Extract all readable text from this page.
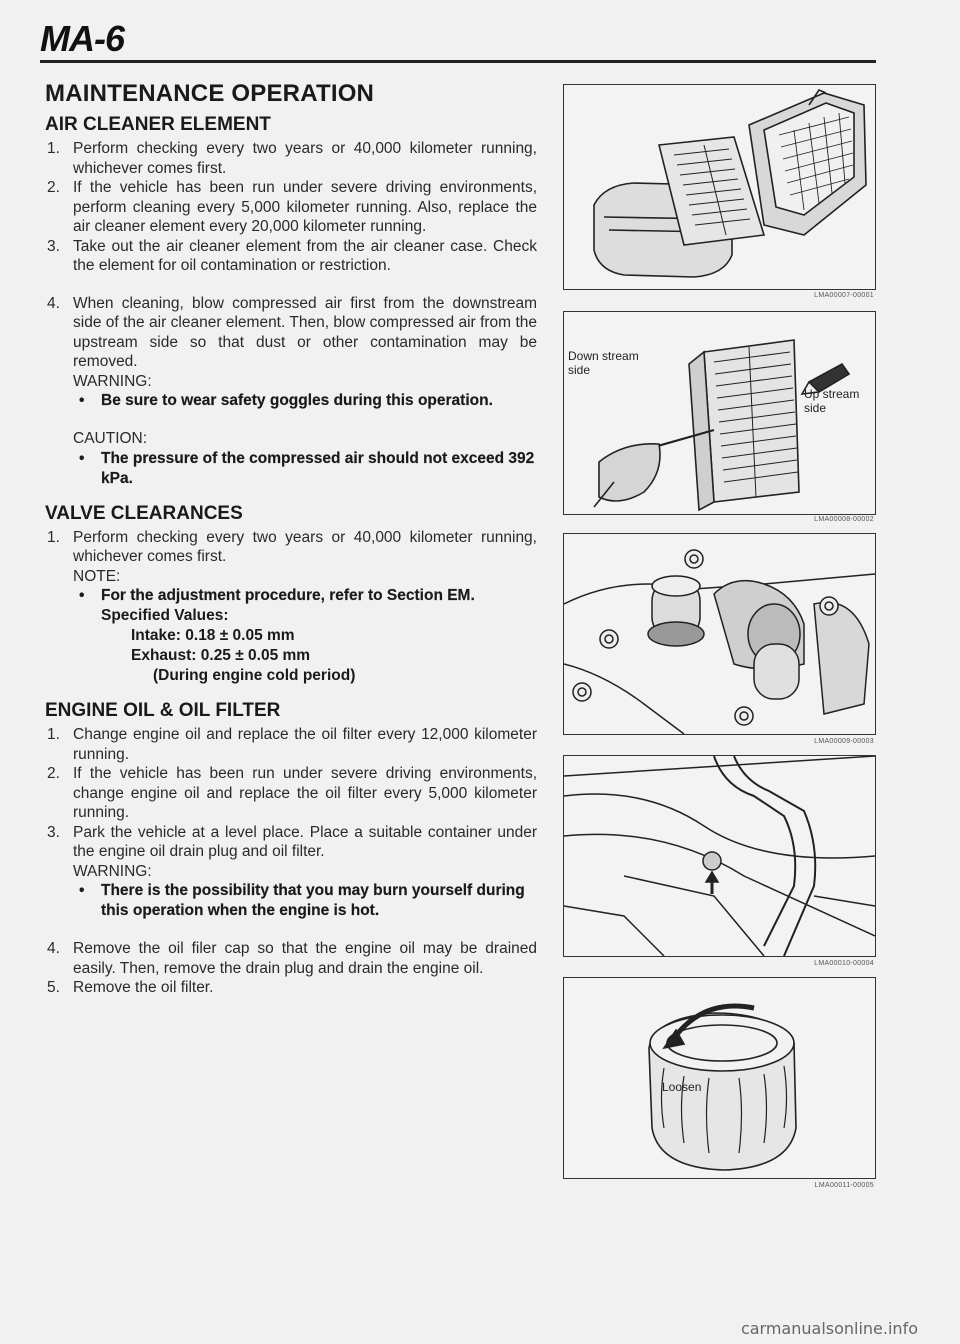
MA-6
MAINTENANCE OPERATION
AIR CLEANER ELEMENT
1. Perform checking every two years or 40,000 kilometer running, whichever comes first.
2. If the vehicle has been run under severe driving environments, perform cleaning every 5,000 kilometer running. Also, replace the air cleaner element every 20,000 kilometer running.
3. Take out the air cleaner element from the air cleaner case. Check the element for oil contamination or restriction.
4. When cleaning, blow compressed air first from the downstream side of the air cleaner element. Then, blow compressed air from the upstream side so that dust or other contamination may be removed.
WARNING:
• Be sure to wear safety goggles during this operation.
CAUTION:
• The pressure of the compressed air should not exceed 392 kPa.
VALVE CLEARANCES
1. Perform checking every two years or 40,000 kilometer running, whichever comes first.
NOTE:
• For the adjustment procedure, refer to Section EM.
Specified Values:
Intake: 0.18 ± 0.05 mm
Exhaust: 0.25 ± 0.05 mm
(During engine cold period)
ENGINE OIL & OIL FILTER
1. Change engine oil and replace the oil filter every 12,000 kilometer running.
2. If the vehicle has been run under severe driving environments, change engine oil and replace the oil filter every 5,000 kilometer running.
3. Park the vehicle at a level place. Place a suitable container under the engine oil drain plug and oil filter.
WARNING:
• There is the possibility that you may burn yourself during this operation when the engine is hot.
4. Remove the oil filer cap so that the engine oil may be drained easily. Then, remove the drain plug and drain the engine oil.
5. Remove the oil filter.
LMA00007-00001
Down stream
side
Up stream
side
LMA00008-00002
LMA00009-00003
LMA00010-00004
Loosen
LMA00011-00005
carmanualsonline.info
